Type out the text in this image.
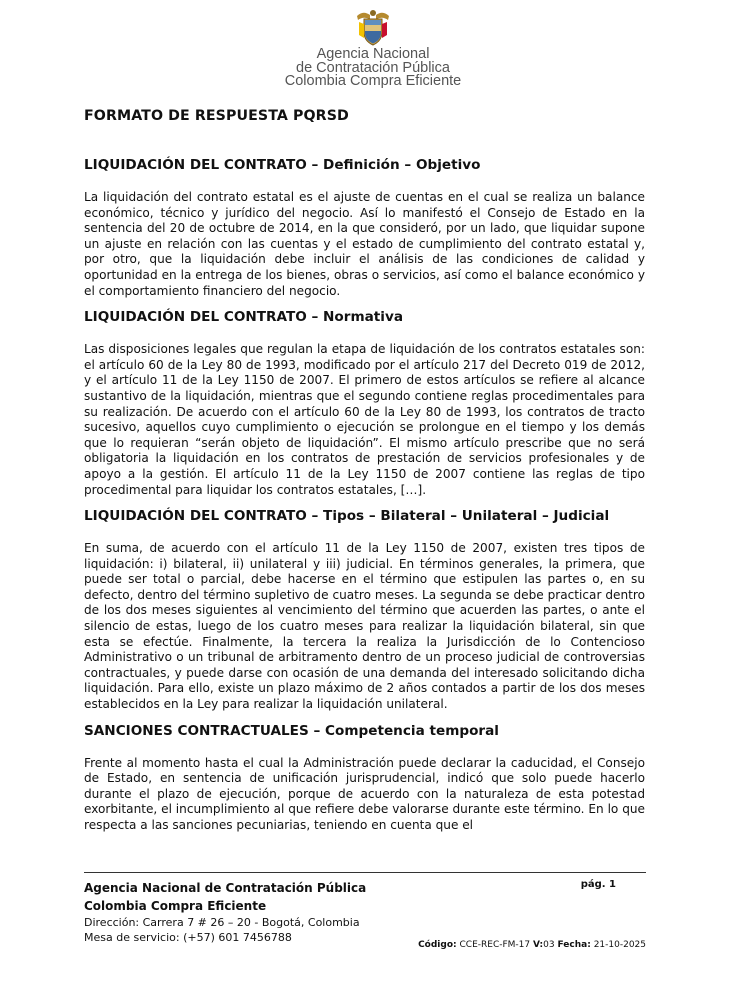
Agencia Nacional
de Contratación Pública
Colombia Compra Eficiente
FORMATO DE RESPUESTA PQRSD
LIQUIDACIÓN DEL CONTRATO – Definición – Objetivo

La liquidación del contrato estatal es el ajuste de cuentas en el cual se realiza un balance económico, técnico y jurídico del negocio. Así lo manifestó el Consejo de Estado en la sentencia del 20 de octubre de 2014, en la que consideró, por un lado, que liquidar supone un ajuste en relación con las cuentas y el estado de cumplimiento del contrato estatal y, por otro, que la liquidación debe incluir el análisis de las condiciones de calidad y oportunidad en la entrega de los bienes, obras o servicios, así como el balance económico y el comportamiento financiero del negocio.

LIQUIDACIÓN DEL CONTRATO – Normativa

Las disposiciones legales que regulan la etapa de liquidación de los contratos estatales son: el artículo 60 de la Ley 80 de 1993, modificado por el artículo 217 del Decreto 019 de 2012, y el artículo 11 de la Ley 1150 de 2007. El primero de estos artículos se refiere al alcance sustantivo de la liquidación, mientras que el segundo contiene reglas procedimentales para su realización. De acuerdo con el artículo 60 de la Ley 80 de 1993, los contratos de tracto sucesivo, aquellos cuyo cumplimiento o ejecución se prolongue en el tiempo y los demás que lo requieran “serán objeto de liquidación”. El mismo artículo prescribe que no será obligatoria la liquidación en los contratos de prestación de servicios profesionales y de apoyo a la gestión. El artículo 11 de la Ley 1150 de 2007 contiene las reglas de tipo procedimental para liquidar los contratos estatales, […].

LIQUIDACIÓN DEL CONTRATO – Tipos – Bilateral – Unilateral – Judicial

En suma, de acuerdo con el artículo 11 de la Ley 1150 de 2007, existen tres tipos de liquidación: i) bilateral, ii) unilateral y iii) judicial. En términos generales, la primera, que puede ser total o parcial, debe hacerse en el término que estipulen las partes o, en su defecto, dentro del término supletivo de cuatro meses. La segunda se debe practicar dentro de los dos meses siguientes al vencimiento del término que acuerden las partes, o ante el silencio de estas, luego de los cuatro meses para realizar la liquidación bilateral, sin que esta se efectúe. Finalmente, la tercera la realiza la Jurisdicción de lo Contencioso Administrativo o un tribunal de arbitramento dentro de un proceso judicial de controversias contractuales, y puede darse con ocasión de una demanda del interesado solicitando dicha liquidación. Para ello, existe un plazo máximo de 2 años contados a partir de los dos meses establecidos en la Ley para realizar la liquidación unilateral.

SANCIONES CONTRACTUALES – Competencia temporal

Frente al momento hasta el cual la Administración puede declarar la caducidad, el Consejo de Estado, en sentencia de unificación jurisprudencial, indicó que solo puede hacerlo durante el plazo de ejecución, porque de acuerdo con la naturaleza de esta potestad exorbitante, el incumplimiento al que refiere debe valorarse durante este término. En lo que respecta a las sanciones pecuniarias, teniendo en cuenta que el

Agencia Nacional de Contratación Pública
Colombia Compra Eficiente
Dirección: Carrera 7 # 26 – 20 - Bogotá, Colombia
Mesa de servicio: (+57) 601 7456788
pág. 1
Código: CCE-REC-FM-17 V:03 Fecha: 21-10-2025
